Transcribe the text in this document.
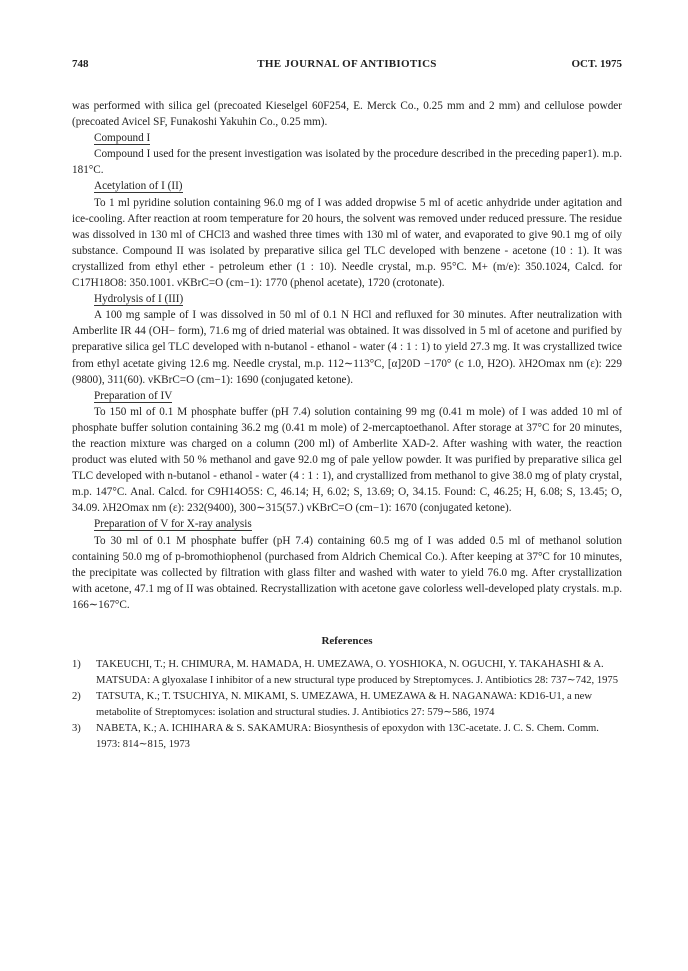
748	THE JOURNAL OF ANTIBIOTICS	OCT. 1975

was performed with silica gel (precoated Kieselgel 60F254, E. Merck Co., 0.25 mm and 2 mm) and cellulose powder (precoated Avicel SF, Funakoshi Yakuhin Co., 0.25 mm).

Compound I

Compound I used for the present investigation was isolated by the procedure described in the preceding paper1). m.p. 181°C.

Acetylation of I (II)

To 1 ml pyridine solution containing 96.0 mg of I was added dropwise 5 ml of acetic anhydride under agitation and ice-cooling. After reaction at room temperature for 20 hours, the solvent was removed under reduced pressure. The residue was dissolved in 130 ml of CHCl3 and washed three times with 130 ml of water, and evaporated to give 90.1 mg of oily substance. Compound II was isolated by preparative silica gel TLC developed with benzene - acetone (10 : 1). It was crystallized from ethyl ether - petroleum ether (1 : 10). Needle crystal, m.p. 95°C. M+ (m/e): 350.1024, Calcd. for C17H18O8: 350.1001. νKBrC=O (cm−1): 1770 (phenol acetate), 1720 (crotonate).

Hydrolysis of I (III)

A 100 mg sample of I was dissolved in 50 ml of 0.1 N HCl and refluxed for 30 minutes. After neutralization with Amberlite IR 44 (OH− form), 71.6 mg of dried material was obtained. It was dissolved in 5 ml of acetone and purified by preparative silica gel TLC developed with n-butanol - ethanol - water (4 : 1 : 1) to yield 27.3 mg. It was crystallized twice from ethyl acetate giving 12.6 mg. Needle crystal, m.p. 112∼113°C, [α]20D −170° (c 1.0, H2O). λH2Omax nm (ε): 229 (9800), 311(60). νKBrC=O (cm−1): 1690 (conjugated ketone).

Preparation of IV

To 150 ml of 0.1 M phosphate buffer (pH 7.4) solution containing 99 mg (0.41 m mole) of I was added 10 ml of phosphate buffer solution containing 36.2 mg (0.41 m mole) of 2-mercaptoethanol. After storage at 37°C for 20 minutes, the reaction mixture was charged on a column (200 ml) of Amberlite XAD-2. After washing with water, the reaction product was eluted with 50 % methanol and gave 92.0 mg of pale yellow powder. It was purified by preparative silica gel TLC developed with n-butanol - ethanol - water (4 : 1 : 1), and crystallized from methanol to give 38.0 mg of platy crystal, m.p. 147°C. Anal. Calcd. for C9H14O5S: C, 46.14; H, 6.02; S, 13.69; O, 34.15. Found: C, 46.25; H, 6.08; S, 13.45; O, 34.09. λH2Omax nm (ε): 232(9400), 300∼315(57.) νKBrC=O (cm−1): 1670 (conjugated ketone).

Preparation of V for X-ray analysis

To 30 ml of 0.1 M phosphate buffer (pH 7.4) containing 60.5 mg of I was added 0.5 ml of methanol solution containing 50.0 mg of p-bromothiophenol (purchased from Aldrich Chemical Co.). After keeping at 37°C for 10 minutes, the precipitate was collected by filtration with glass filter and washed with water to yield 76.0 mg. After crystallization with acetone, 47.1 mg of II was obtained. Recrystallization with acetone gave colorless well-developed platy crystals. m.p. 166∼167°C.

References
1) TAKEUCHI, T.; H. CHIMURA, M. HAMADA, H. UMEZAWA, O. YOSHIOKA, N. OGUCHI, Y. TAKAHASHI & A. MATSUDA: A glyoxalase I inhibitor of a new structural type produced by Streptomyces. J. Antibiotics 28: 737∼742, 1975
2) TATSUTA, K.; T. TSUCHIYA, N. MIKAMI, S. UMEZAWA, H. UMEZAWA & H. NAGANAWA: KD16-U1, a new metabolite of Streptomyces: isolation and structural studies. J. Antibiotics 27: 579∼586, 1974
3) NABETA, K.; A. ICHIHARA & S. SAKAMURA: Biosynthesis of epoxydon with 13C-acetate. J. C. S. Chem. Comm. 1973: 814∼815, 1973
